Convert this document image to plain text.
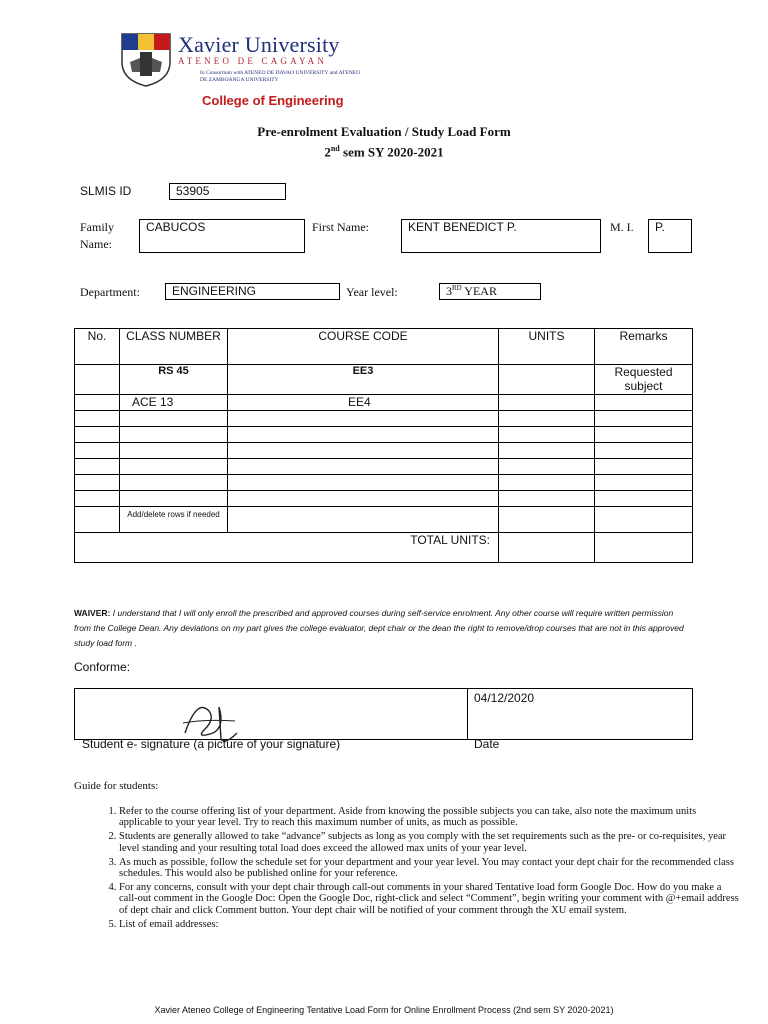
Xavier University
ATENEO DE CAGAYAN
In Consortium with ATENEO DE DAVAO UNIVERSITY and ATENEO DE ZAMBOANGA UNIVERSITY
College of Engineering
Pre-enrolment Evaluation / Study Load Form
2nd sem SY 2020-2021
SLMIS ID	53905
Family Name:
CABUCOS	First Name:	KENT BENEDICT P.	M. I.	P.
Department:	ENGINEERING	Year level:	3RD YEAR
No.	CLASS NUMBER	COURSE CODE	UNITS	Remarks
	RS 45	EE3		Requested subject
	ACE 13	EE4		

	Add/delete rows if needed			
TOTAL UNITS:				
WAIVER: I understand that I will only enroll the prescribed and approved courses during self-service enrolment. Any other course will require written permission from the College Dean. Any deviations on my part gives the college evaluator, dept chair or the dean the right to remove/drop courses that are not in this approved study load form .
Conforme:
	04/12/2020
Student e- signature (a picture of your signature)	Date
Guide for students:
1. Refer to the course offering list of your department. Aside from knowing the possible subjects you can take, also note the maximum units applicable to your year level. Try to reach this maximum number of units, as much as possible.
2. Students are generally allowed to take “advance” subjects as long as you comply with the set requirements such as the pre- or co-requisites, year level standing and your resulting total load does exceed the allowed max units of your year level.
3. As much as possible, follow the schedule set for your department and your year level. You may contact your dept chair for the recommended class schedules. This would also be published online for your reference.
4. For any concerns, consult with your dept chair through call-out comments in your shared Tentative load form Google Doc. How do you make a call-out comment in the Google Doc: Open the Google Doc, right-click and select “Comment”, begin writing your comment with @+email address of dept chair and click Comment button. Your dept chair will be notified of your comment through the XU email system.
5. List of email addresses:
Xavier Ateneo College of Engineering Tentative Load Form for Online Enrollment Process (2nd sem SY 2020-2021)
